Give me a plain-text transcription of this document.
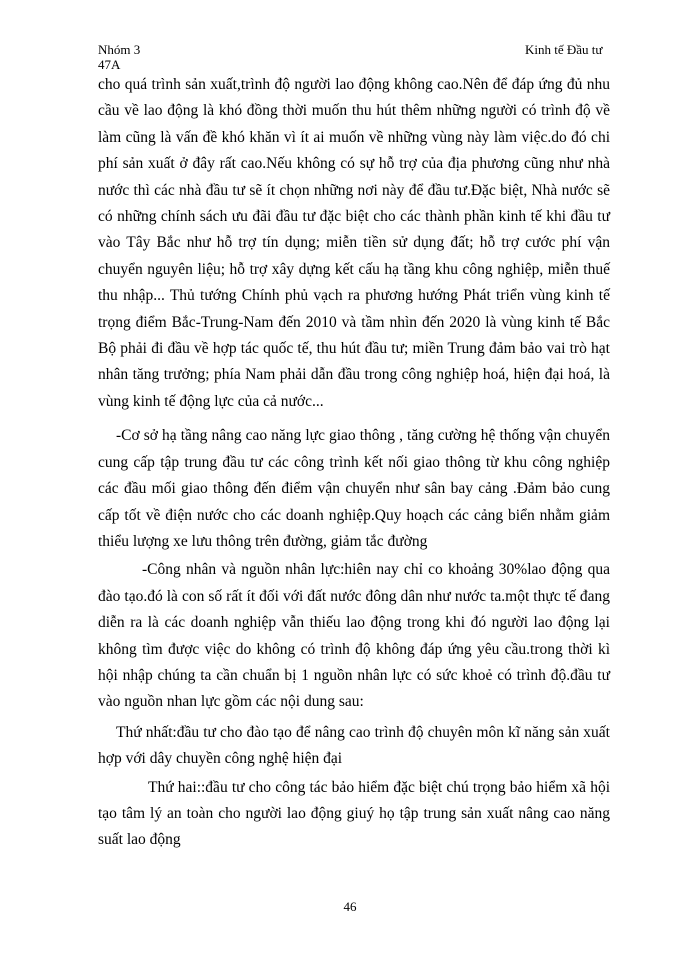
Nhóm 3
47A
Kinh tế Đầu tư

cho quá trình sản xuất,trình độ người lao động không cao.Nên để đáp ứng đủ nhu cầu về lao động là khó đồng thời muốn thu hút thêm những người có trình độ về làm cũng là vấn đề khó khăn vì ít ai muốn về những vùng này làm việc.do đó chi phí sản xuất ở đây rất cao.Nếu không có sự hỗ trợ của địa phương cũng như nhà nước thì các nhà đầu tư sẽ ít chọn những nơi này để đầu tư.Đặc biệt, Nhà nước sẽ có những chính sách ưu đãi đầu tư đặc biệt cho các thành phần kinh tế khi đầu tư vào Tây Bắc như hỗ trợ tín dụng; miễn tiền sử dụng đất; hỗ trợ cước phí vận chuyển nguyên liệu; hỗ trợ xây dựng kết cấu hạ tầng khu công nghiệp, miễn thuế thu nhập... Thủ tướng Chính phủ vạch ra phương hướng Phát triển vùng kinh tế trọng điểm Bắc-Trung-Nam đến 2010 và tầm nhìn đến 2020 là vùng kinh tế Bắc Bộ phải đi đầu về hợp tác quốc tế, thu hút đầu tư; miền Trung đảm bảo vai trò hạt nhân tăng trưởng; phía Nam phải dẫn đầu trong công nghiệp hoá, hiện đại hoá, là vùng kinh tế động lực của cả nước...

-Cơ sở hạ tầng nâng cao năng lực giao thông , tăng cường hệ thống vận chuyển cung cấp tập trung đầu tư các công trình kết nối giao thông từ khu công nghiệp các đầu mối giao thông đến điểm vận chuyển như sân bay cảng .Đảm bảo cung cấp tốt về điện nước cho các doanh nghiệp.Quy hoạch các cảng biển nhằm giảm thiểu lượng xe lưu thông trên đường, giảm tắc đường

-Công nhân và nguồn nhân lực:hiên nay chỉ co khoảng 30%lao động qua đào tạo.đó là con số rất ít đối với đất nước đông dân như nước ta.một thực tế đang diễn ra là các doanh nghiệp vẫn thiếu lao động trong khi đó người lao động lại không tìm được việc do không có trình độ không đáp ứng yêu cầu.trong thời kì hội nhập chúng ta cần chuẩn bị 1 nguồn nhân lực có sức khoẻ có trình độ.đầu tư vào nguồn nhan lực gồm các nội dung sau:

Thứ nhất:đầu tư cho đào tạo để nâng cao trình độ chuyên môn kĩ năng sản xuất hợp với dây chuyền công nghệ hiện đại

Thứ hai::đầu tư cho công tác bảo hiểm đặc biệt chú trọng bảo hiểm xã hội tạo tâm lý an toàn cho người lao động giuý họ tập trung sản xuất nâng cao năng suất lao động

46
